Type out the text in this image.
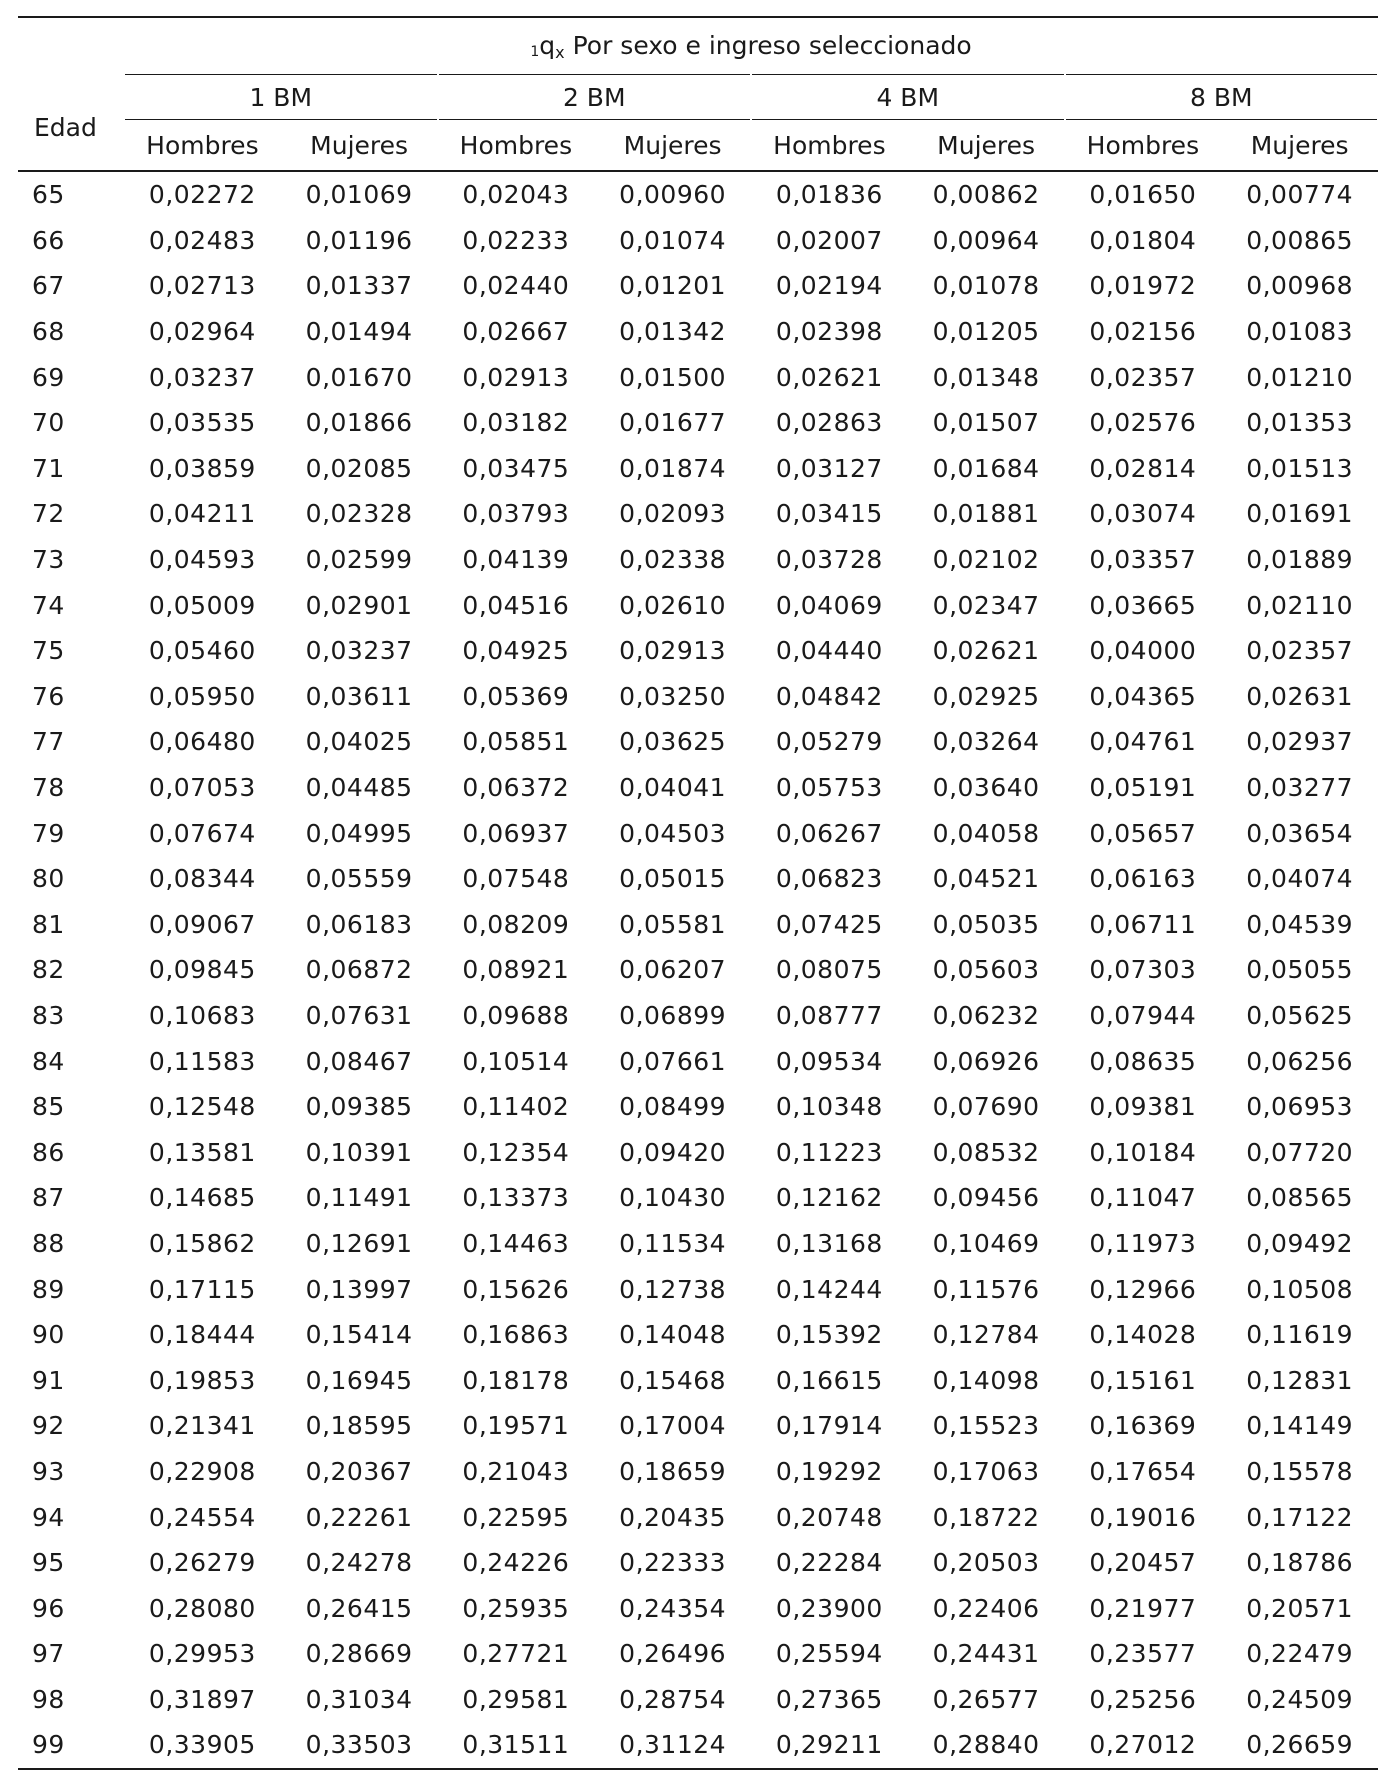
Edad	1qx Por sexo e ingreso seleccionado							

	1 BM		2 BM		4 BM		8 BM	

	Hombres	Mujeres	Hombres	Mujeres	Hombres	Mujeres	Hombres	Mujeres
65	0,02272	0,01069	0,02043	0,00960	0,01836	0,00862	0,01650	0,00774
66	0,02483	0,01196	0,02233	0,01074	0,02007	0,00964	0,01804	0,00865
67	0,02713	0,01337	0,02440	0,01201	0,02194	0,01078	0,01972	0,00968
68	0,02964	0,01494	0,02667	0,01342	0,02398	0,01205	0,02156	0,01083
69	0,03237	0,01670	0,02913	0,01500	0,02621	0,01348	0,02357	0,01210
70	0,03535	0,01866	0,03182	0,01677	0,02863	0,01507	0,02576	0,01353
71	0,03859	0,02085	0,03475	0,01874	0,03127	0,01684	0,02814	0,01513
72	0,04211	0,02328	0,03793	0,02093	0,03415	0,01881	0,03074	0,01691
73	0,04593	0,02599	0,04139	0,02338	0,03728	0,02102	0,03357	0,01889
74	0,05009	0,02901	0,04516	0,02610	0,04069	0,02347	0,03665	0,02110
75	0,05460	0,03237	0,04925	0,02913	0,04440	0,02621	0,04000	0,02357
76	0,05950	0,03611	0,05369	0,03250	0,04842	0,02925	0,04365	0,02631
77	0,06480	0,04025	0,05851	0,03625	0,05279	0,03264	0,04761	0,02937
78	0,07053	0,04485	0,06372	0,04041	0,05753	0,03640	0,05191	0,03277
79	0,07674	0,04995	0,06937	0,04503	0,06267	0,04058	0,05657	0,03654
80	0,08344	0,05559	0,07548	0,05015	0,06823	0,04521	0,06163	0,04074
81	0,09067	0,06183	0,08209	0,05581	0,07425	0,05035	0,06711	0,04539
82	0,09845	0,06872	0,08921	0,06207	0,08075	0,05603	0,07303	0,05055
83	0,10683	0,07631	0,09688	0,06899	0,08777	0,06232	0,07944	0,05625
84	0,11583	0,08467	0,10514	0,07661	0,09534	0,06926	0,08635	0,06256
85	0,12548	0,09385	0,11402	0,08499	0,10348	0,07690	0,09381	0,06953
86	0,13581	0,10391	0,12354	0,09420	0,11223	0,08532	0,10184	0,07720
87	0,14685	0,11491	0,13373	0,10430	0,12162	0,09456	0,11047	0,08565
88	0,15862	0,12691	0,14463	0,11534	0,13168	0,10469	0,11973	0,09492
89	0,17115	0,13997	0,15626	0,12738	0,14244	0,11576	0,12966	0,10508
90	0,18444	0,15414	0,16863	0,14048	0,15392	0,12784	0,14028	0,11619
91	0,19853	0,16945	0,18178	0,15468	0,16615	0,14098	0,15161	0,12831
92	0,21341	0,18595	0,19571	0,17004	0,17914	0,15523	0,16369	0,14149
93	0,22908	0,20367	0,21043	0,18659	0,19292	0,17063	0,17654	0,15578
94	0,24554	0,22261	0,22595	0,20435	0,20748	0,18722	0,19016	0,17122
95	0,26279	0,24278	0,24226	0,22333	0,22284	0,20503	0,20457	0,18786
96	0,28080	0,26415	0,25935	0,24354	0,23900	0,22406	0,21977	0,20571
97	0,29953	0,28669	0,27721	0,26496	0,25594	0,24431	0,23577	0,22479
98	0,31897	0,31034	0,29581	0,28754	0,27365	0,26577	0,25256	0,24509
99	0,33905	0,33503	0,31511	0,31124	0,29211	0,28840	0,27012	0,26659
